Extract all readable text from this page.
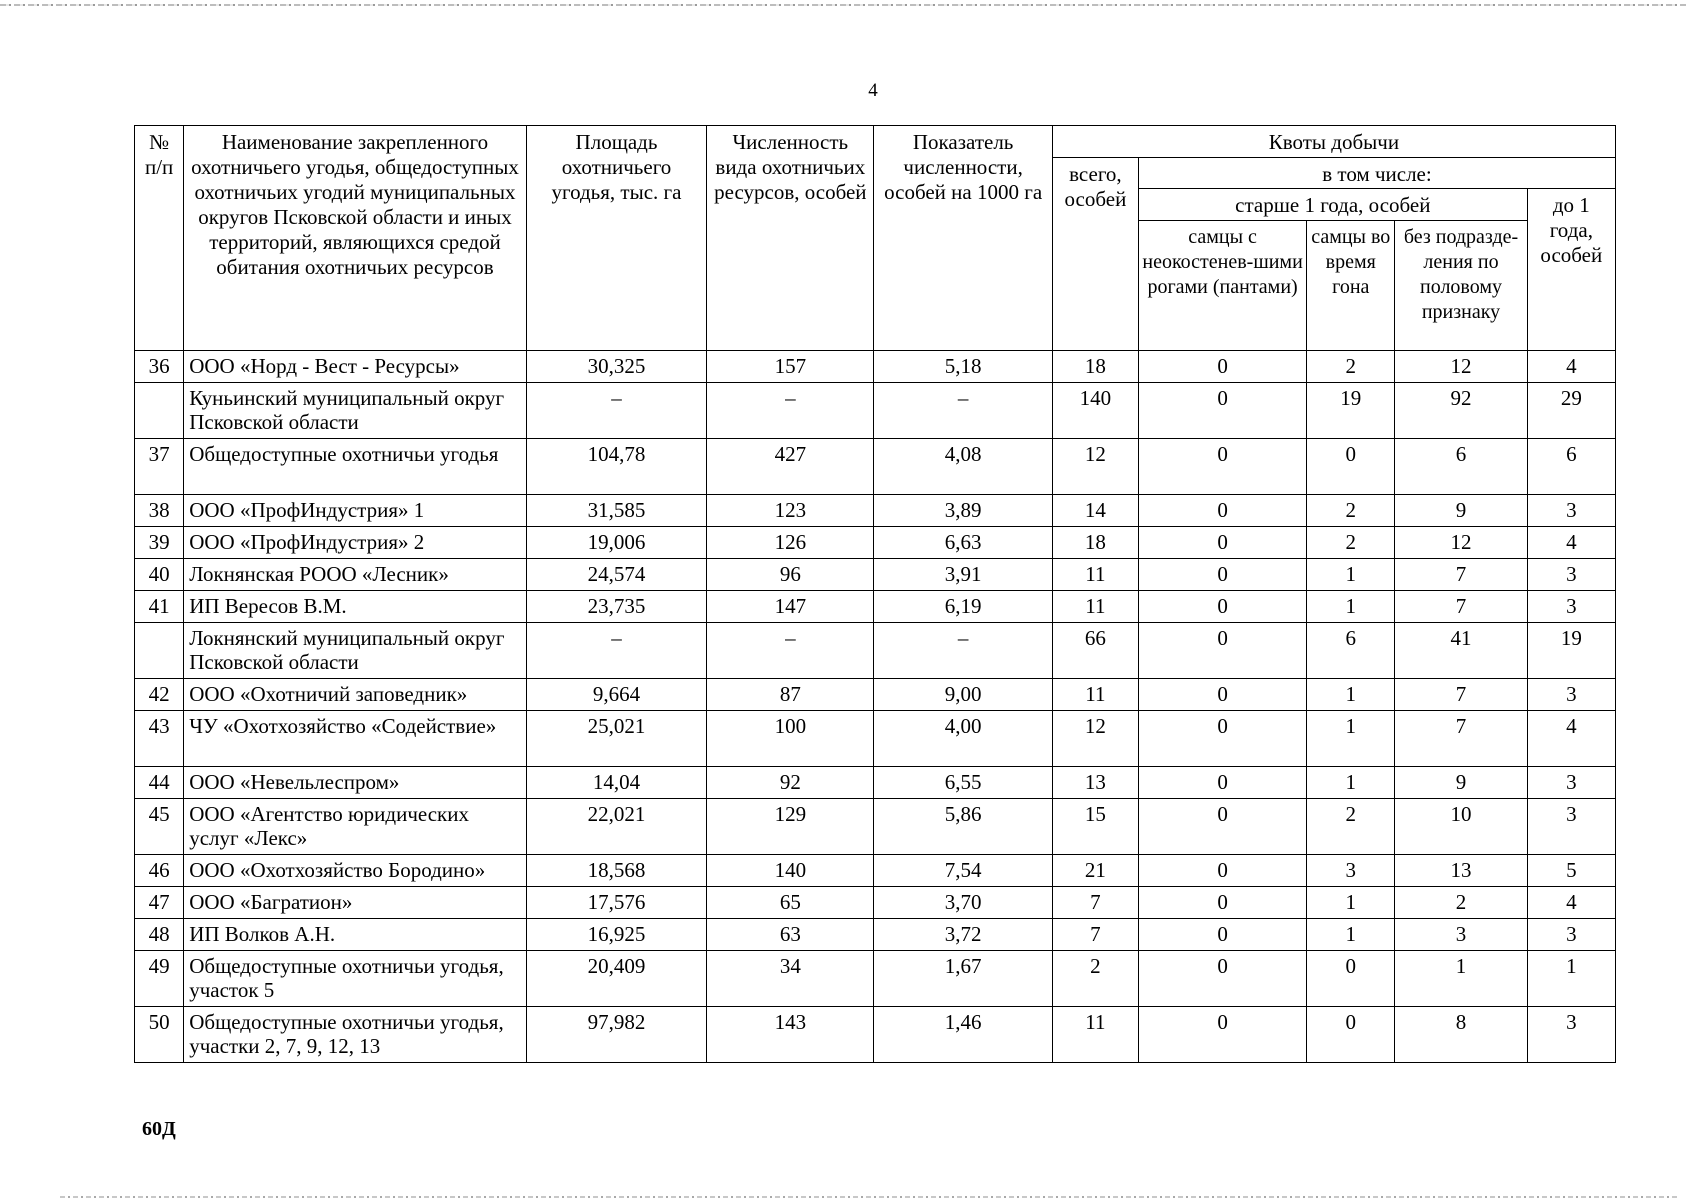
4
№ п/п	Наименование закрепленного охотничьего угодья, общедоступных охотничьих угодий муниципальных округов Псковской области и иных территорий, являющихся средой обитания охотничьих ресурсов	Площадь охотничьего угодья, тыс. га	Численность вида охотничьих ресурсов, особей	Показатель численности, особей на 1000 га	Квоты добычи				
					всего, особей	в том числе:			
						старше 1 года, особей			до 1 года, особей
						самцы с неокостенев-шими рогами (пантами)	самцы во время гона	без подразде-ления по половому признаку	
36	ООО «Норд - Вест - Ресурсы»	30,325	157	5,18	18	0	2	12	4
	Куньинский муниципальный округ Псковской области	–	–	–	140	0	19	92	29
37	Общедоступные охотничьи угодья	104,78	427	4,08	12	0	0	6	6
38	ООО «ПрофИндустрия» 1	31,585	123	3,89	14	0	2	9	3
39	ООО «ПрофИндустрия» 2	19,006	126	6,63	18	0	2	12	4
40	Локнянская РООО «Лесник»	24,574	96	3,91	11	0	1	7	3
41	ИП Вересов В.М.	23,735	147	6,19	11	0	1	7	3
	Локнянский муниципальный округ Псковской области	–	–	–	66	0	6	41	19
42	ООО «Охотничий заповедник»	9,664	87	9,00	11	0	1	7	3
43	ЧУ «Охотхозяйство «Содействие»	25,021	100	4,00	12	0	1	7	4
44	ООО «Невельлеспром»	14,04	92	6,55	13	0	1	9	3
45	ООО «Агентство юридических услуг «Лекс»	22,021	129	5,86	15	0	2	10	3
46	ООО «Охотхозяйство Бородино»	18,568	140	7,54	21	0	3	13	5
47	ООО «Багратион»	17,576	65	3,70	7	0	1	2	4
48	ИП Волков А.Н.	16,925	63	3,72	7	0	1	3	3
49	Общедоступные охотничьи угодья, участок 5	20,409	34	1,67	2	0	0	1	1
50	Общедоступные охотничьи угодья, участки 2, 7, 9, 12, 13	97,982	143	1,46	11	0	0	8	3
60Д
